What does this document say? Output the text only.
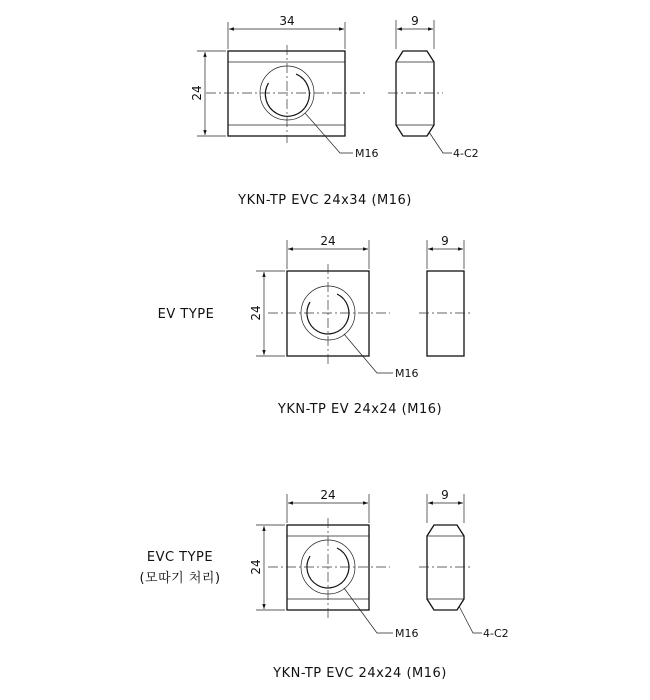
34
24
9
M16	4-C2
YKN-TP EVC 24x34 (M16)
EV TYPE
24
24
9
M16
YKN-TP EV 24x24 (M16)
EVC TYPE
(모따기 처리)
24
24
9
M16	4-C2
YKN-TP EVC 24x24 (M16)
